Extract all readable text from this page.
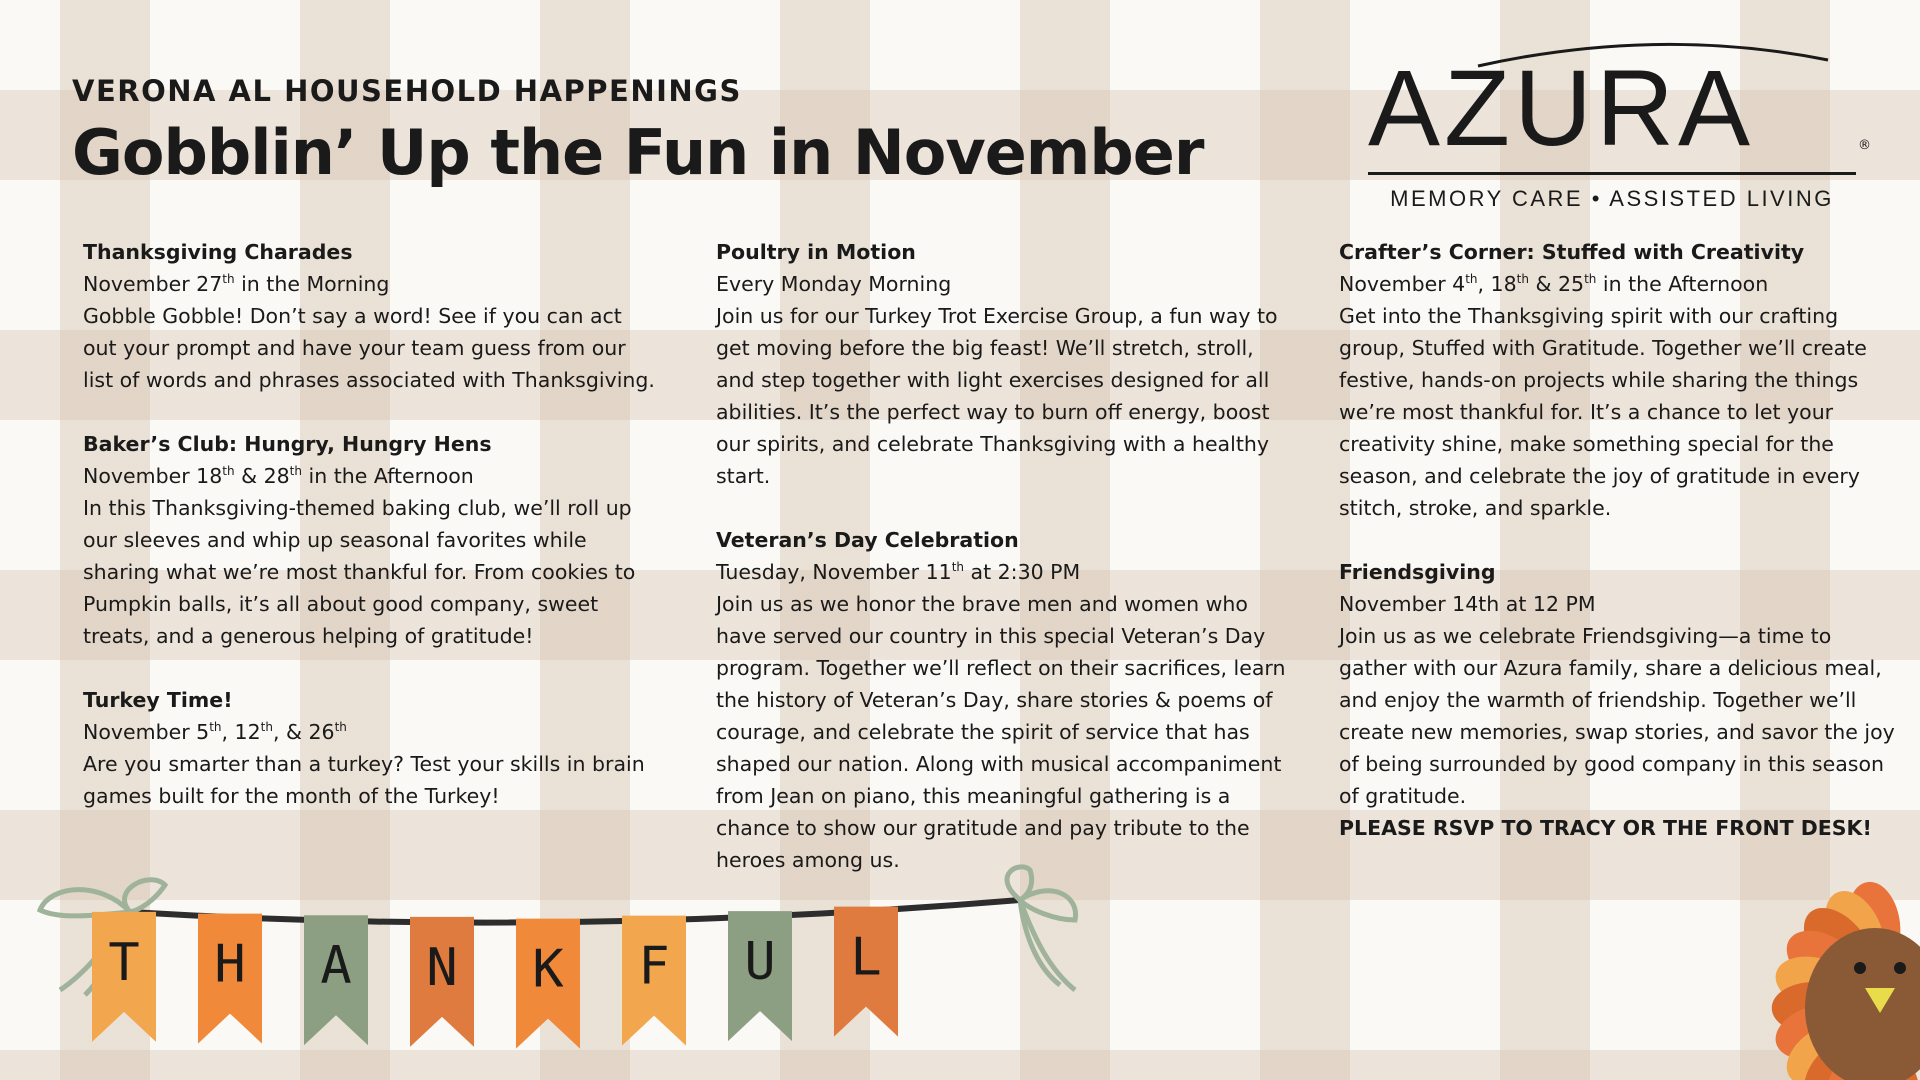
VERONA AL HOUSEHOLD HAPPENINGS

Gobblin’ Up the Fun in November AZURA	®
MEMORY CARE • ASSISTED LIVING
Thanksgiving Charades
November 27th in the Morning
Gobble Gobble! Don’t say a word! See if you can act out your prompt and have your team guess from our list of words and phrases associated with Thanksgiving.
Baker’s Club: Hungry, Hungry Hens
November 18th & 28th in the Afternoon
In this Thanksgiving-themed baking club, we’ll roll up our sleeves and whip up seasonal favorites while sharing what we’re most thankful for. From cookies to Pumpkin balls, it’s all about good company, sweet treats, and a generous helping of gratitude!
Turkey Time!
November 5th, 12th, & 26th
Are you smarter than a turkey? Test your skills in brain games built for the month of the Turkey!
Poultry in Motion
Every Monday Morning
Join us for our Turkey Trot Exercise Group, a fun way to get moving before the big feast! We’ll stretch, stroll, and step together with light exercises designed for all abilities. It’s the perfect way to burn off energy, boost our spirits, and celebrate Thanksgiving with a healthy start.
Veteran’s Day Celebration
Tuesday, November 11th at 2:30 PM
Join us as we honor the brave men and women who have served our country in this special Veteran’s Day program. Together we’ll reflect on their sacrifices, learn the history of Veteran’s Day, share stories & poems of courage, and celebrate the spirit of service that has shaped our nation. Along with musical accompaniment from Jean on piano, this meaningful gathering is a chance to show our gratitude and pay tribute to the heroes among us.
Crafter’s Corner: Stuffed with Creativity
November 4th, 18th & 25th in the Afternoon
Get into the Thanksgiving spirit with our crafting group, Stuffed with Gratitude. Together we’ll create festive, hands-on projects while sharing the things we’re most thankful for. It’s a chance to let your creativity shine, make something special for the season, and celebrate the joy of gratitude in every stitch, stroke, and sparkle.
Friendsgiving
November 14th at 12 PM
Join us as we celebrate Friendsgiving—a time to gather with our Azura family, share a delicious meal, and enjoy the warmth of friendship. Together we’ll create new memories, swap stories, and savor the joy of being surrounded by good company in this season of gratitude.
PLEASE RSVP TO TRACY OR THE FRONT DESK!
T H A N K F U L
